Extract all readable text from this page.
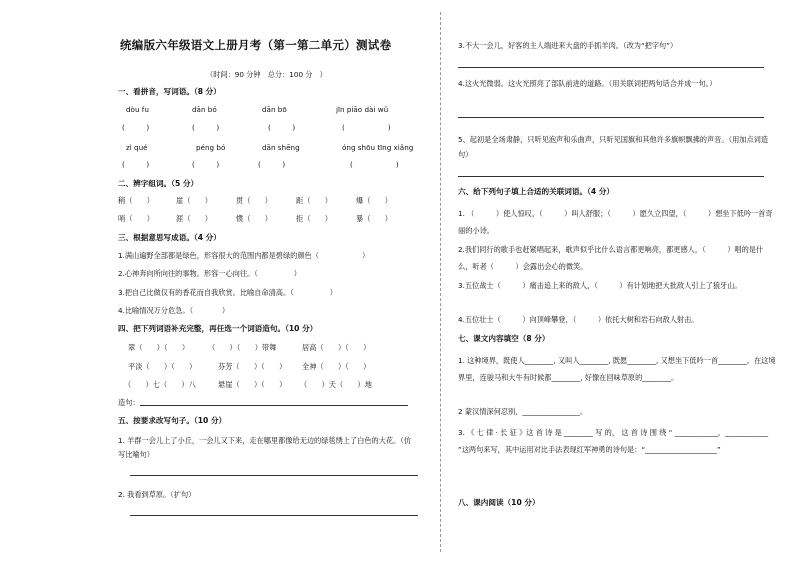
统编版六年级语文上册月考（第一第二单元）测试卷
（时间：90 分钟　总分：100 分　）
一、看拼音，写词语。（8 分）
dòu fu	dān bó	dān bō	jīn piāo dài wǔ
(　　　)	(　　　)	(　　　)	(　　　　　　)
zì qué	péng bó	dān shēng	óng shōu tīng xiǎng
(　　　)	(　　　)	(　　　)	(　　　　　　)
二、辨字组词。（5 分）
稍（　　）	崖（　　）	贯（　　）	距（　　）	爆（　　）
哨（　　）	涯（　　）	惯（　　）	拒（　　）	暴（　　）
三、根据意思写成语。（4 分）
1.满山遍野全部都是绿色，形容很大的范围内都是碧绿的颜色（　　　　　　）
2.心神奔向所向往的事物。形容一心向往。（　　　　　）
3.把自己比做仅有的香花而自我欣赏。比喻自命清高。（　　　　　）
4.比喻情况万分危急。（　　　　）
四、把下列词语补充完整，再任选一个词语造句。（10 分）
翠（　　）（　　）	（　　）（　　）带舞	居高（　　）（　　）
平淡（　　）（　　）	芬芳（　　）（　　） 全神（　　）（　　）
（　　）七（　　）八	悬崖（　　）（　　） （　　）天（　　）地
造句：
五、按要求改写句子。（10 分）
1. 羊群一会儿上了小丘，一会儿又下来，走在哪里都像给无边的绿毯绣上了白色的大花。（仿写比喻句）
2. 我看到草原。（扩句）
3.不大一会儿，好客的主人端进来大盘的手抓羊肉。（改为“把字句”）
4.这火光微弱。这火光照亮了部队前进的道路。（用关联词把两句话合并成一句。）
5、起初是全场肃静，只听见泡声和乐曲声，只听见国旗和其他许多旗帜飘拂的声音。（用加点词造句）
六、给下列句子填上合适的关联词语。（4 分）
1. （　　　）使人惊叹，（　　　）叫人舒服；（　　　）愿久立四望，（　　　）想坐下低吟一首奇丽的小诗。
2.我们同行的歌手也赶紧唱起来，歌声似乎比什么语言都更响亮，都更感人，（　　　）唱的是什么，听者（　　　）会露出会心的微笑。
3.五位战士（　　　）痛击追上来的敌人，（　　　）有计划地把大批敌人引上了狼牙山。
4.五位壮士（　　　）向顶峰攀登，（　　　）依托大树和岩石向敌人射击。
七、课文内容填空（8 分）
1. 这种境界，既使人________, 又叫人________, 既愿________, 又想坐下低吟一首________。在这境界里，连骏马和大牛有时候都________, 好像在回味草原的________。
2 蒙汉情深何忍别，________________。
3. 《 七 律 · 长 征 》这 首 诗 是 ________ 写 的， 这 首 诗 围 绕 “ ____________，____________ ”这两句来写，其中运用对比手法表现红军神勇的诗句是：“____________________”
八、课内阅读（10 分）
